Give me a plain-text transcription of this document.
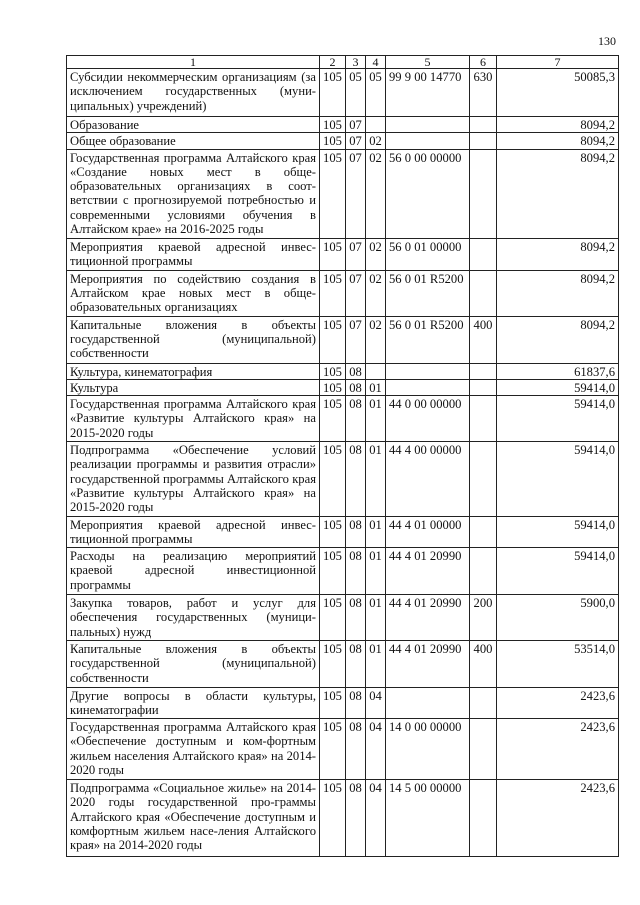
130
1	2	3	4	5	6	7
Субсидии некоммерческим организациям (за исключением государственных (муни-ципальных) учреждений)	105	05	05	99 9 00 14770	630	50085,3
Образование	105	07				8094,2
Общее образование	105	07	02			8094,2
Государственная программа Алтайского края «Создание новых мест в обще-образовательных организациях в соот-ветствии с прогнозируемой потребностью и современными условиями обучения в Алтайском крае» на 2016-2025 годы	105	07	02	56 0 00 00000		8094,2
Мероприятия краевой адресной инвес-тиционной программы	105	07	02	56 0 01 00000		8094,2
Мероприятия по содействию создания в Алтайском крае новых мест в обще-образовательных организациях	105	07	02	56 0 01 R5200		8094,2
Капитальные вложения в объекты государственной (муниципальной) собственности	105	07	02	56 0 01 R5200	400	8094,2
Культура, кинематография	105	08				61837,6
Культура	105	08	01			59414,0
Государственная программа Алтайского края «Развитие культуры Алтайского края» на 2015-2020 годы	105	08	01	44 0 00 00000		59414,0
Подпрограмма «Обеспечение условий реализации программы и развития отрасли» государственной программы Алтайского края «Развитие культуры Алтайского края» на 2015-2020 годы	105	08	01	44 4 00 00000		59414,0
Мероприятия краевой адресной инвес-тиционной программы	105	08	01	44 4 01 00000		59414,0
Расходы на реализацию мероприятий краевой адресной инвестиционной программы	105	08	01	44 4 01 20990		59414,0
Закупка товаров, работ и услуг для обеспечения государственных (муници-пальных) нужд	105	08	01	44 4 01 20990	200	5900,0
Капитальные вложения в объекты государственной (муниципальной) собственности	105	08	01	44 4 01 20990	400	53514,0
Другие вопросы в области культуры, кинематографии	105	08	04			2423,6
Государственная программа Алтайского края «Обеспечение доступным и ком-фортным жильем населения Алтайского края» на 2014-2020 годы	105	08	04	14 0 00 00000		2423,6
Подпрограмма «Социальное жилье» на 2014-2020 годы государственной про-граммы Алтайского края «Обеспечение доступным и комфортным жильем насе-ления Алтайского края» на 2014-2020 годы	105	08	04	14 5 00 00000		2423,6
